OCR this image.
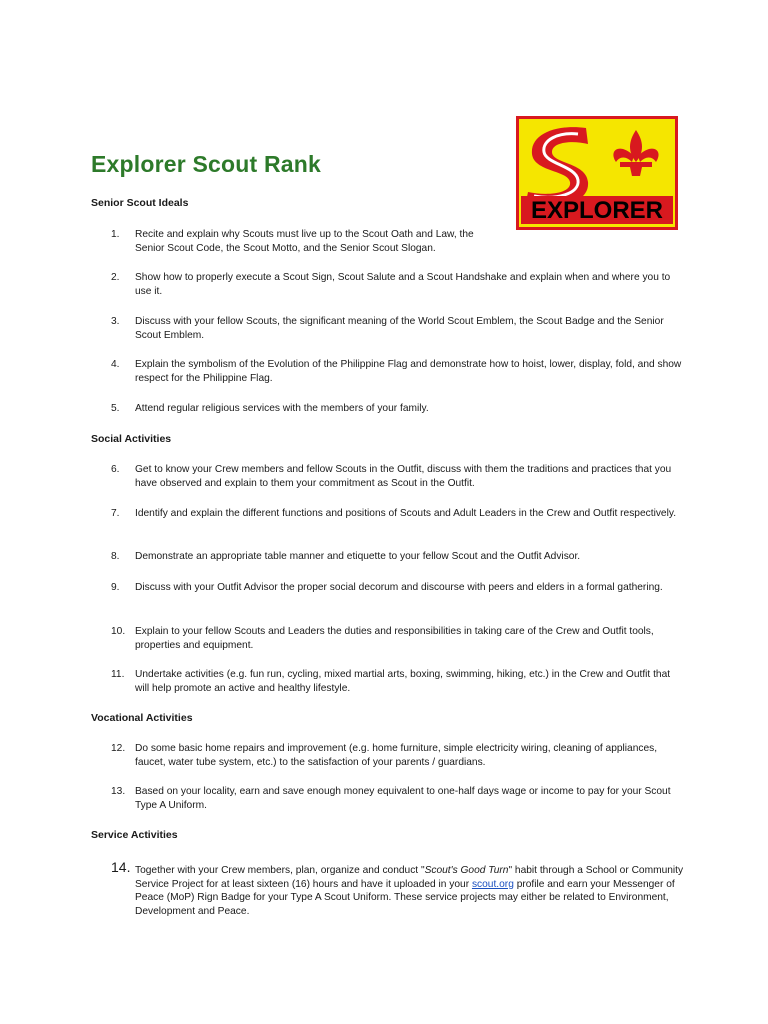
Explorer Scout Rank
EXPLORER
Senior Scout Ideals
1.	Recite and explain why Scouts must live up to the Scout Oath and Law, the Senior Scout Code, the Scout Motto, and the Senior Scout Slogan.
2.	Show how to properly execute a Scout Sign, Scout Salute and a Scout Handshake and explain when and where you to use it.
3.	Discuss with your fellow Scouts, the significant meaning of the World Scout Emblem, the Scout Badge and the Senior Scout Emblem.
4.	Explain the symbolism of the Evolution of the Philippine Flag and demonstrate how to hoist, lower, display, fold, and show respect for the Philippine Flag.
5.	Attend regular religious services with the members of your family.
Social Activities
6.	Get to know your Crew members and fellow Scouts in the Outfit, discuss with them the traditions and practices that you have observed and explain to them your commitment as Scout in the Outfit.
7.	Identify and explain the different functions and positions of Scouts and Adult Leaders in the Crew and Outfit respectively.
8.	Demonstrate an appropriate table manner and etiquette to your fellow Scout and the Outfit Advisor.
9.	Discuss with your Outfit Advisor the proper social decorum and discourse with peers and elders in a formal gathering.
10. Explain to your fellow Scouts and Leaders the duties and responsibilities in taking care of the Crew and Outfit tools, properties and equipment.
11.	Undertake activities (e.g. fun run, cycling, mixed martial arts, boxing, swimming, hiking, etc.) in the Crew and Outfit that will help promote an active and healthy lifestyle.
Vocational Activities
12. Do some basic home repairs and improvement (e.g. home furniture, simple electricity wiring, cleaning of appliances, faucet, water tube system, etc.) to the satisfaction of your parents / guardians.
13. Based on your locality, earn and save enough money equivalent to one-half days wage or income to pay for your Scout Type A Uniform.
Service Activities
14. Together with your Crew members, plan, organize and conduct "Scout's Good Turn" habit through a School or Community Service Project for at least sixteen (16) hours and have it uploaded in your scout.org profile and earn your Messenger of Peace (MoP) Rign Badge for your Type A Scout Uniform. These service projects may either be related to Environment, Development and Peace.
